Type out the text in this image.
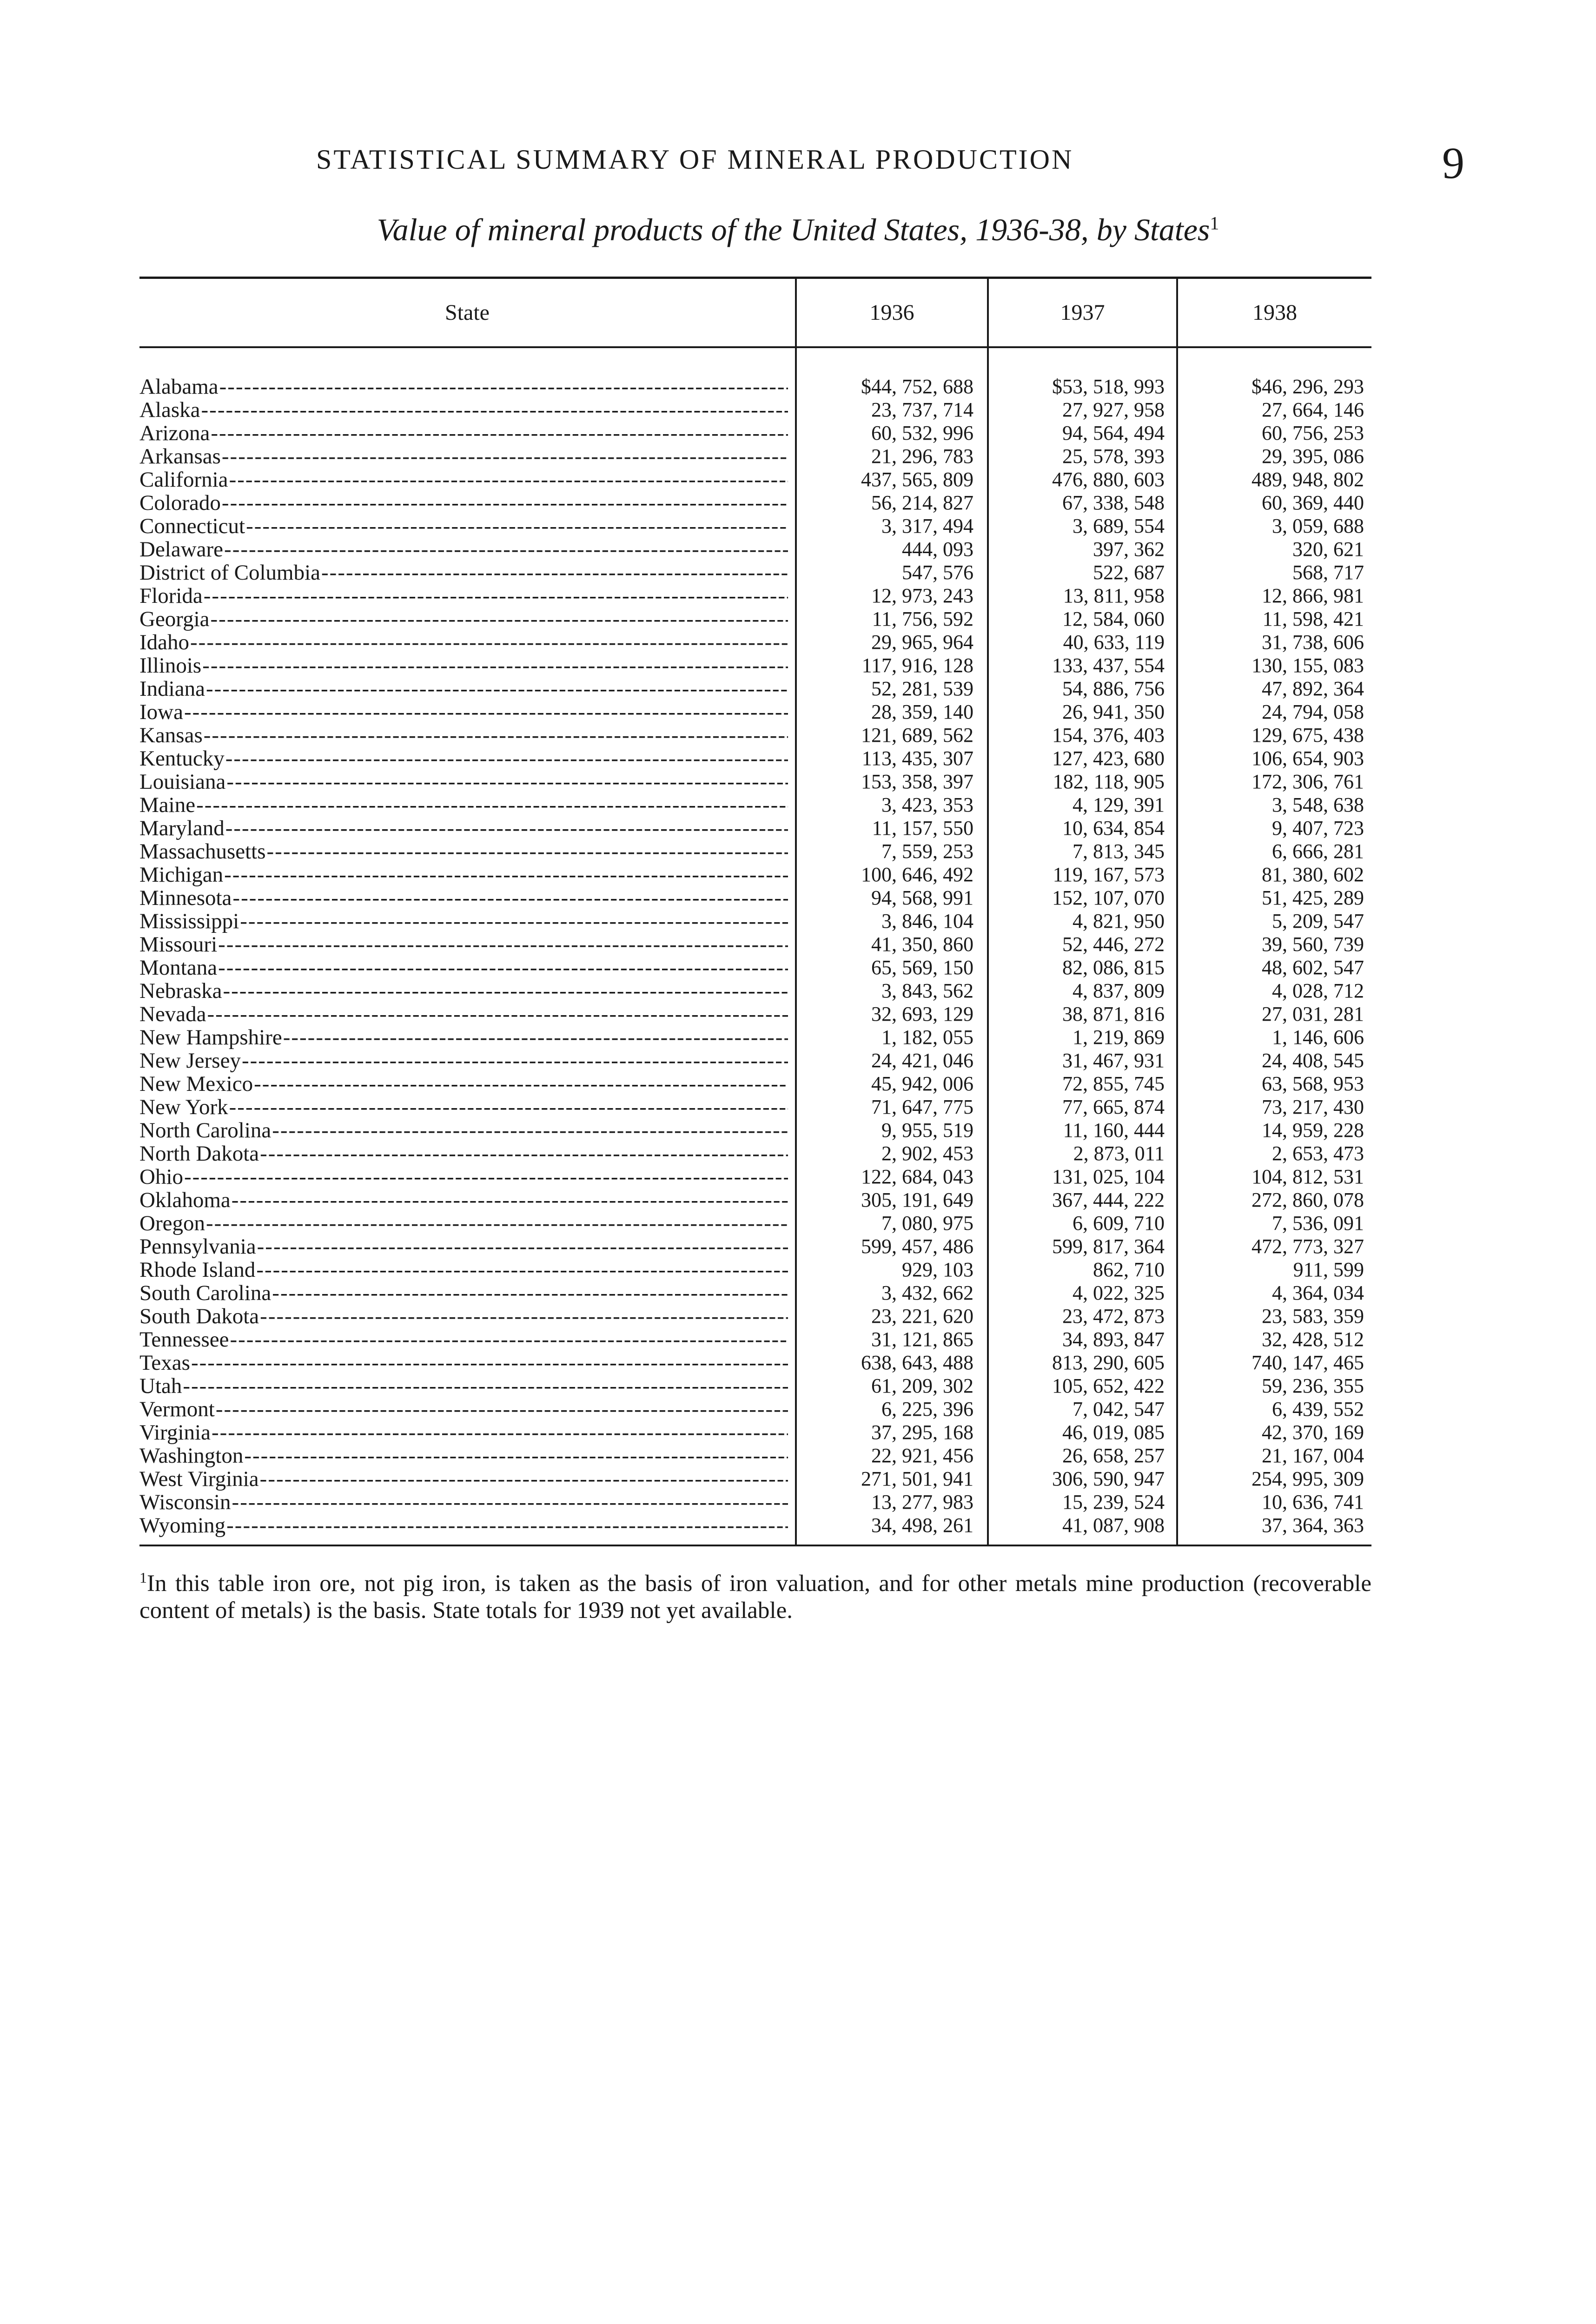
STATISTICAL SUMMARY OF MINERAL PRODUCTION	9
Value of mineral products of the United States, 1936-38, by States$^1$
State	1936	1937	1938
Alabama -----	$44, 752, 688	$53, 518, 993	$46, 296, 293
Alaska -----	23, 737, 714	27, 927, 958	27, 664, 146
Arizona -----	60, 532, 996	94, 564, 494	60, 756, 253
Arkansas -----	21, 296, 783	25, 578, 393	29, 395, 086
California -----	437, 565, 809	476, 880, 603	489, 948, 802
Colorado -----	56, 214, 827	67, 338, 548	60, 369, 440
Connecticut -----	3, 317, 494	3, 689, 554	3, 059, 688
Delaware -----	444, 093	397, 362	320, 621
District of Columbia -----	547, 576	522, 687	568, 717
Florida -----	12, 973, 243	13, 811, 958	12, 866, 981
Georgia -----	11, 756, 592	12, 584, 060	11, 598, 421
Idaho -----	29, 965, 964	40, 633, 119	31, 738, 606
Illinois -----	117, 916, 128	133, 437, 554	130, 155, 083
Indiana -----	52, 281, 539	54, 886, 756	47, 892, 364
Iowa -----	28, 359, 140	26, 941, 350	24, 794, 058
Kansas -----	121, 689, 562	154, 376, 403	129, 675, 438
Kentucky -----	113, 435, 307	127, 423, 680	106, 654, 903
Louisiana -----	153, 358, 397	182, 118, 905	172, 306, 761
Maine -----	3, 423, 353	4, 129, 391	3, 548, 638
Maryland -----	11, 157, 550	10, 634, 854	9, 407, 723
Massachusetts -----	7, 559, 253	7, 813, 345	6, 666, 281
Michigan -----	100, 646, 492	119, 167, 573	81, 380, 602
Minnesota -----	94, 568, 991	152, 107, 070	51, 425, 289
Mississippi -----	3, 846, 104	4, 821, 950	5, 209, 547
Missouri -----	41, 350, 860	52, 446, 272	39, 560, 739
Montana -----	65, 569, 150	82, 086, 815	48, 602, 547
Nebraska -----	3, 843, 562	4, 837, 809	4, 028, 712
Nevada -----	32, 693, 129	38, 871, 816	27, 031, 281
New Hampshire -----	1, 182, 055	1, 219, 869	1, 146, 606
New Jersey -----	24, 421, 046	31, 467, 931	24, 408, 545
New Mexico -----	45, 942, 006	72, 855, 745	63, 568, 953
New York -----	71, 647, 775	77, 665, 874	73, 217, 430
North Carolina -----	9, 955, 519	11, 160, 444	14, 959, 228
North Dakota -----	2, 902, 453	2, 873, 011	2, 653, 473
Ohio -----	122, 684, 043	131, 025, 104	104, 812, 531
Oklahoma -----	305, 191, 649	367, 444, 222	272, 860, 078
Oregon -----	7, 080, 975	6, 609, 710	7, 536, 091
Pennsylvania -----	599, 457, 486	599, 817, 364	472, 773, 327
Rhode Island -----	929, 103	862, 710	911, 599
South Carolina -----	3, 432, 662	4, 022, 325	4, 364, 034
South Dakota -----	23, 221, 620	23, 472, 873	23, 583, 359
Tennessee -----	31, 121, 865	34, 893, 847	32, 428, 512
Texas -----	638, 643, 488	813, 290, 605	740, 147, 465
Utah -----	61, 209, 302	105, 652, 422	59, 236, 355
Vermont -----	6, 225, 396	7, 042, 547	6, 439, 552
Virginia -----	37, 295, 168	46, 019, 085	42, 370, 169
Washington -----	22, 921, 456	26, 658, 257	21, 167, 004
West Virginia -----	271, 501, 941	306, 590, 947	254, 995, 309
Wisconsin -----	13, 277, 983	15, 239, 524	10, 636, 741
Wyoming -----	34, 498, 261	41, 087, 908	37, 364, 363
$^1$In this table iron ore, not pig iron, is taken as the basis of iron valuation, and for other metals mine production (recoverable content of metals) is the basis. State totals for 1939 not yet available.
